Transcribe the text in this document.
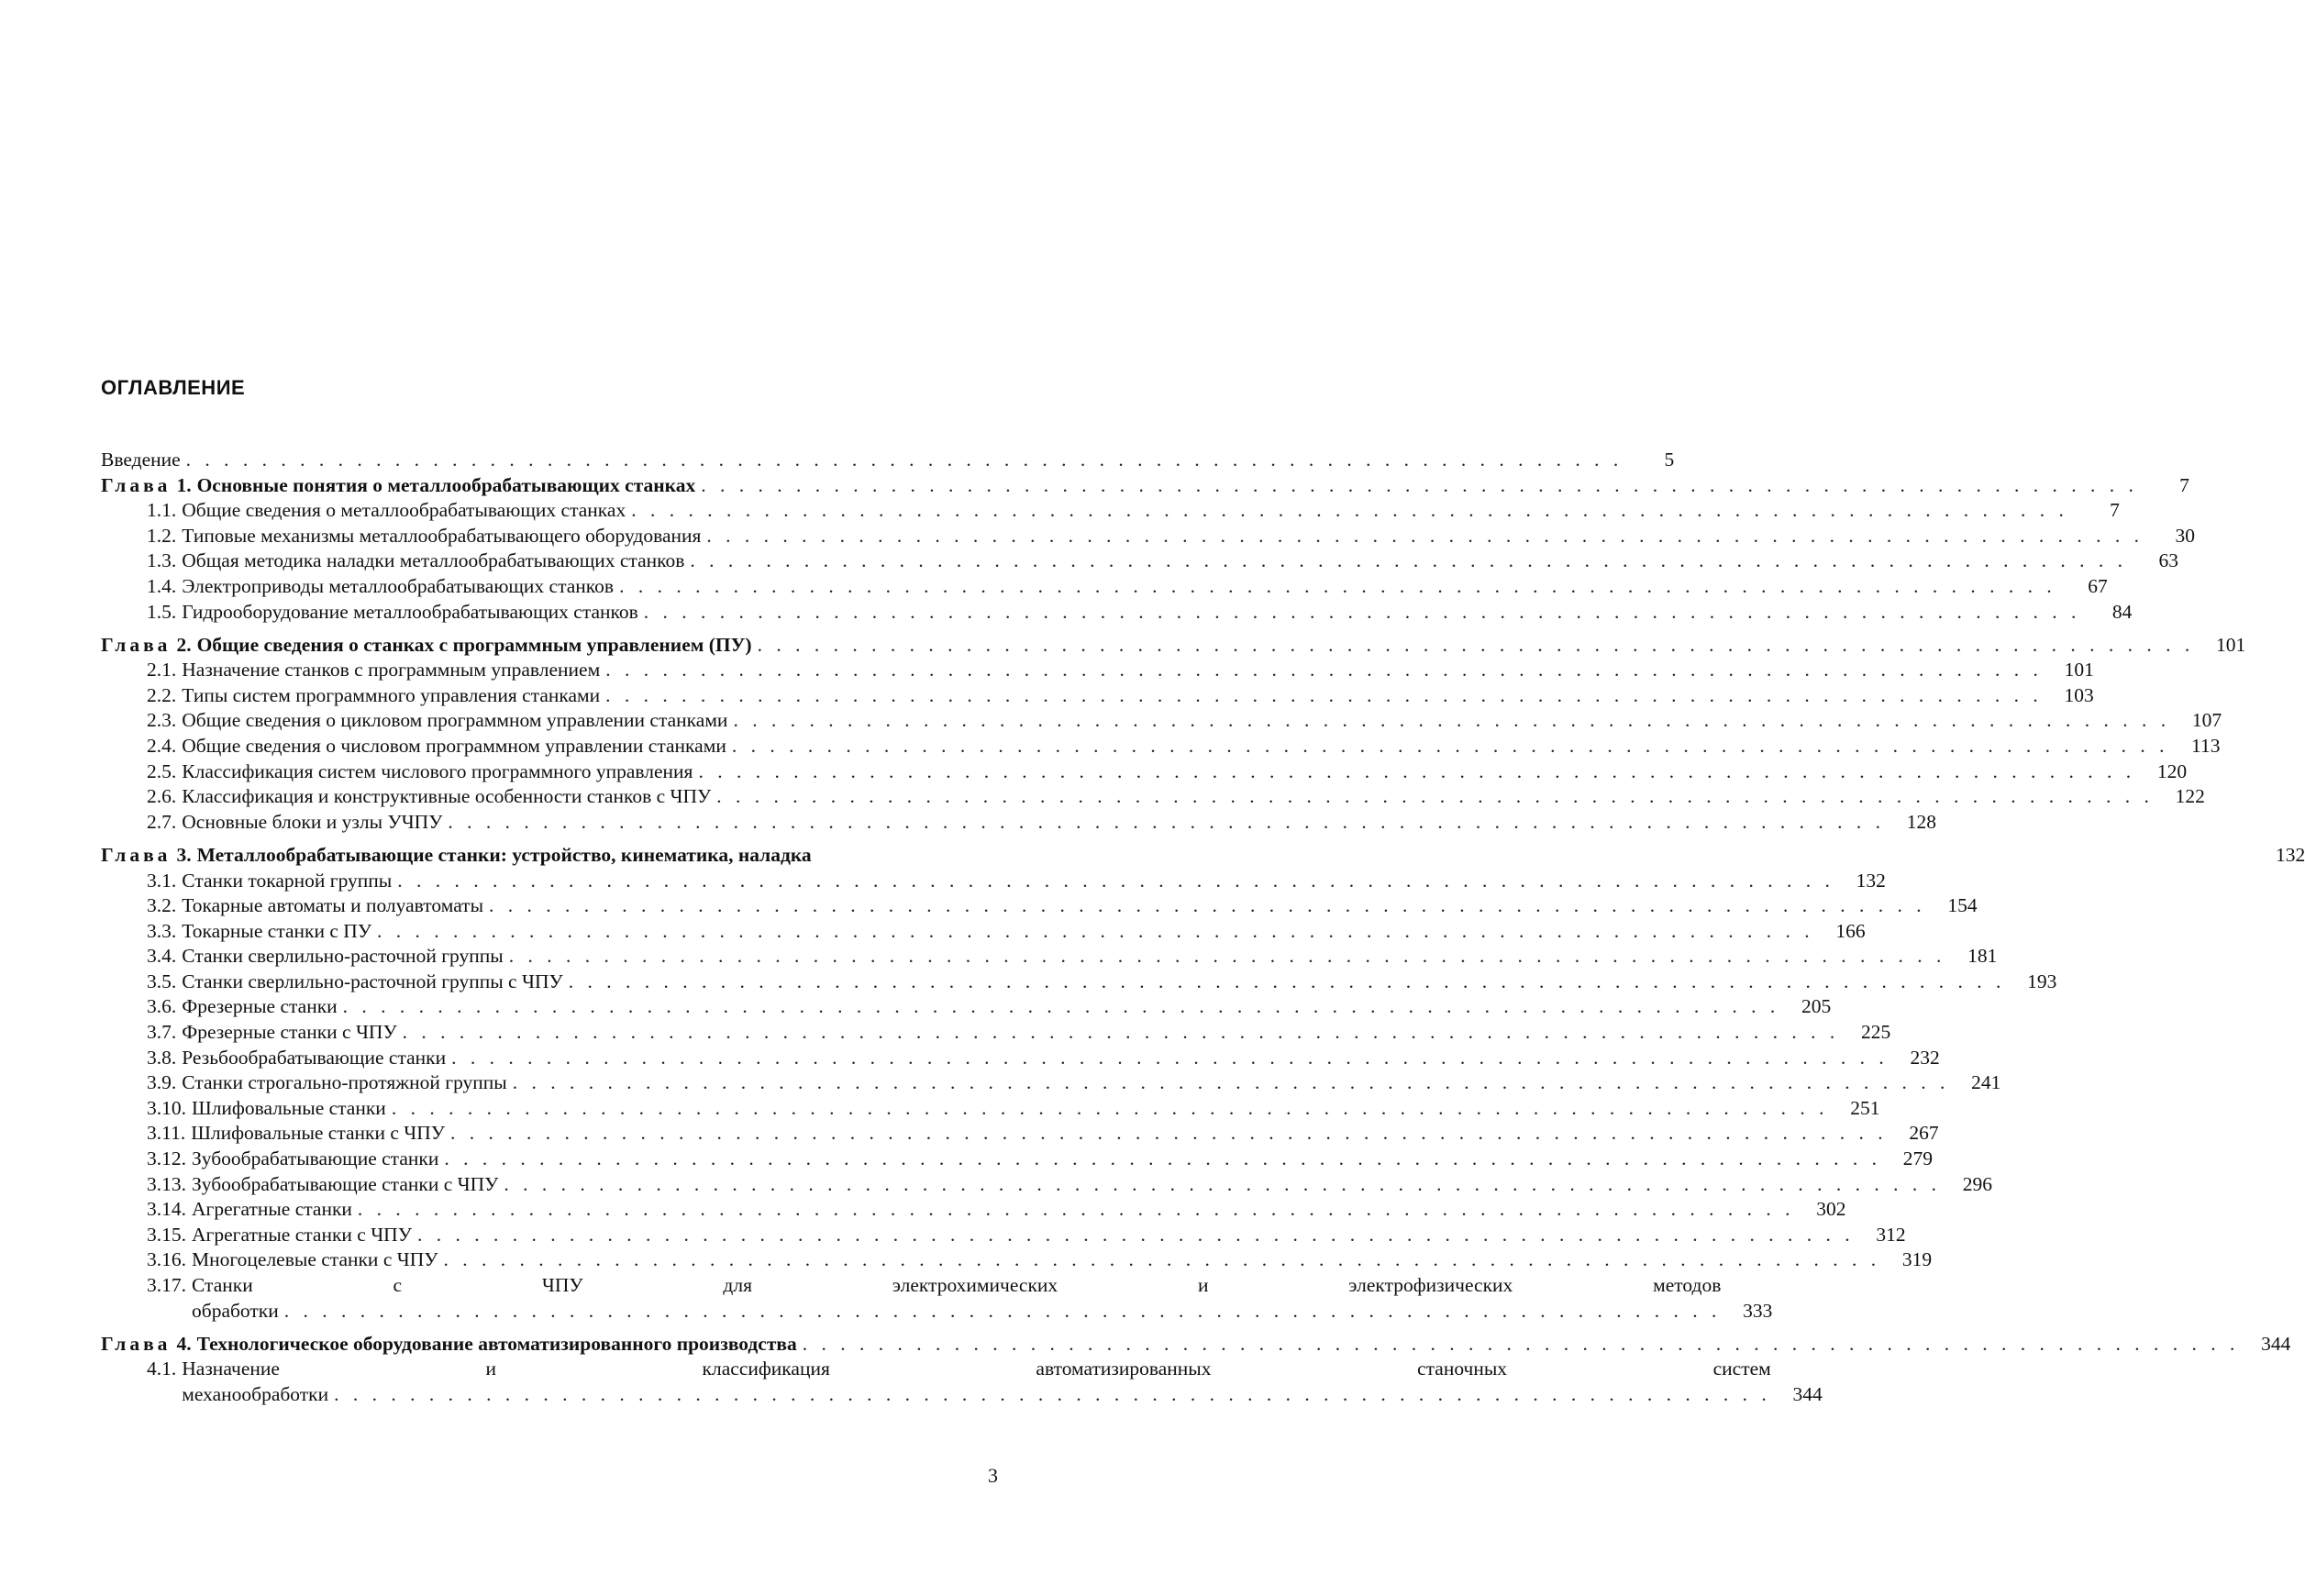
ОГЛАВЛЕНИЕ
Введение . . .	5
Глава 1. Основные понятия о металлообрабатывающих станках . . .	7
1.1. Общие сведения о металлообрабатывающих станках . . .	7
1.2. Типовые механизмы металлообрабатывающего оборудования . . .	30
1.3. Общая методика наладки металлообрабатывающих станков . . .	63
1.4. Электроприводы металлообрабатывающих станков . . .	67
1.5. Гидрооборудование металлообрабатывающих станков . . .	84
Глава 2. Общие сведения о станках с программным управлением (ПУ) . . .	101
2.1. Назначение станков с программным управлением . . .	101
2.2. Типы систем программного управления станками . . .	103
2.3. Общие сведения о цикловом программном управлении станками . . .	107
2.4. Общие сведения о числовом программном управлении станками . . .	113
2.5. Классификация систем числового программного управления . . .	120
2.6. Классификация и конструктивные особенности станков с ЧПУ . . .	122
2.7. Основные блоки и узлы УЧПУ . . .	128
Глава 3. Металлообрабатывающие станки: устройство, кинематика, наладка	132
3.1. Станки токарной группы . . .	132
3.2. Токарные автоматы и полуавтоматы . . .	154
3.3. Токарные станки с ПУ . . .	166
3.4. Станки сверлильно-расточной группы . . .	181
3.5. Станки сверлильно-расточной группы с ЧПУ . . .	193
3.6. Фрезерные станки . . .	205
3.7. Фрезерные станки с ЧПУ . . .	225
3.8. Резьбообрабатывающие станки . . .	232
3.9. Станки строгально-протяжной группы . . .	241
3.10. Шлифовальные станки . . .	251
3.11. Шлифовальные станки с ЧПУ . . .	267
3.12. Зубообрабатывающие станки . . .	279
3.13. Зубообрабатывающие станки с ЧПУ . . .	296
3.14. Агрегатные станки . . .	302
3.15. Агрегатные станки с ЧПУ . . .	312
3.16. Многоцелевые станки с ЧПУ . . .	319
3.17. Станки с ЧПУ для электрохимических и электрофизических методов
обработки . . .	333
Глава 4. Технологическое оборудование автоматизированного производства . . .	344
4.1. Назначение и классификация автоматизированных станочных систем
механообработки . . .	344
3
